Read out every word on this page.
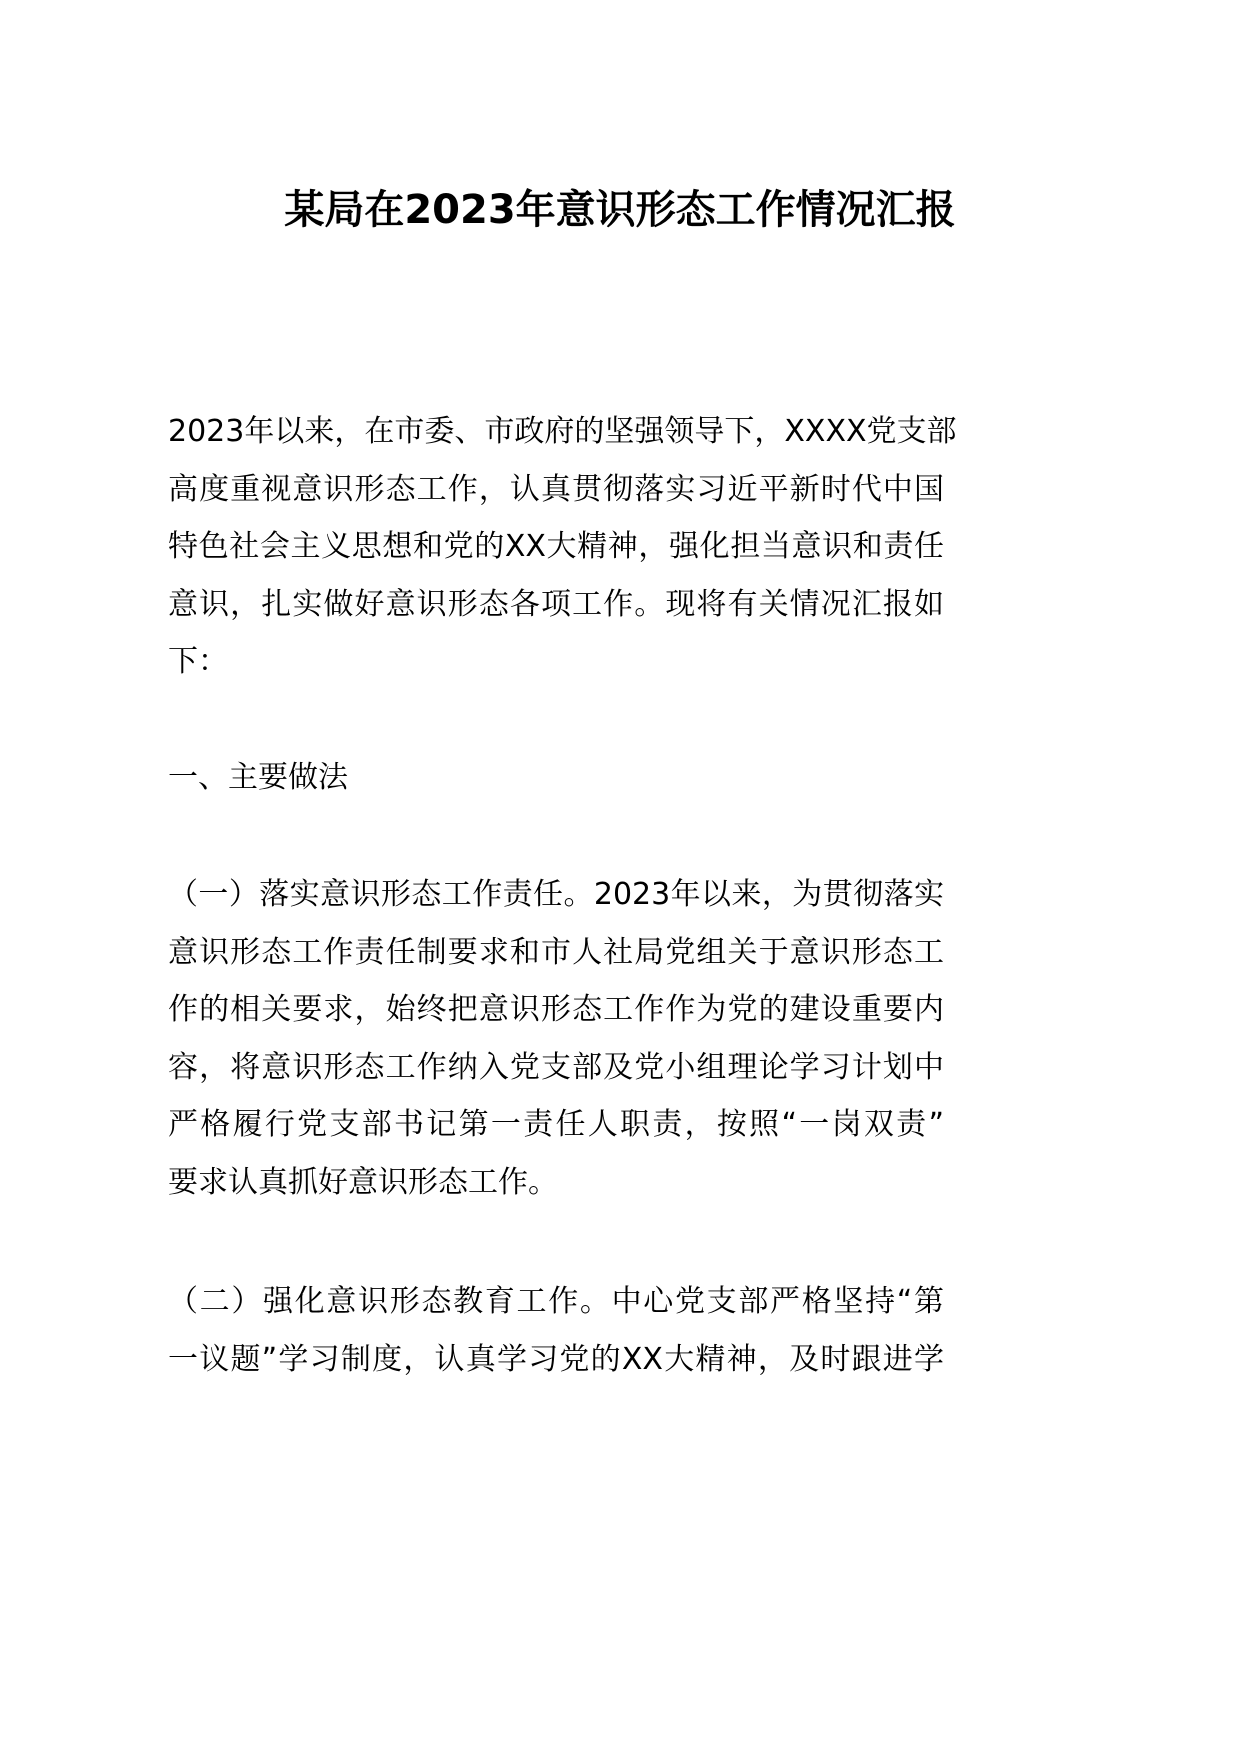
某局在2023年意识形态工作情况汇报
2023年以来，在市委、市政府的坚强领导下，XXXX党支部
高度重视意识形态工作，认真贯彻落实习近平新时代中国
特色社会主义思想和党的XX大精神，强化担当意识和责任
意识，扎实做好意识形态各项工作。现将有关情况汇报如
下：
一、主要做法
（一）落实意识形态工作责任。2023年以来，为贯彻落实
意识形态工作责任制要求和市人社局党组关于意识形态工
作的相关要求，始终把意识形态工作作为党的建设重要内
容，将意识形态工作纳入党支部及党小组理论学习计划中
严格履行党支部书记第一责任人职责，按照“一岗双责”
要求认真抓好意识形态工作。
（二）强化意识形态教育工作。中心党支部严格坚持“第
一议题”学习制度，认真学习党的XX大精神，及时跟进学
